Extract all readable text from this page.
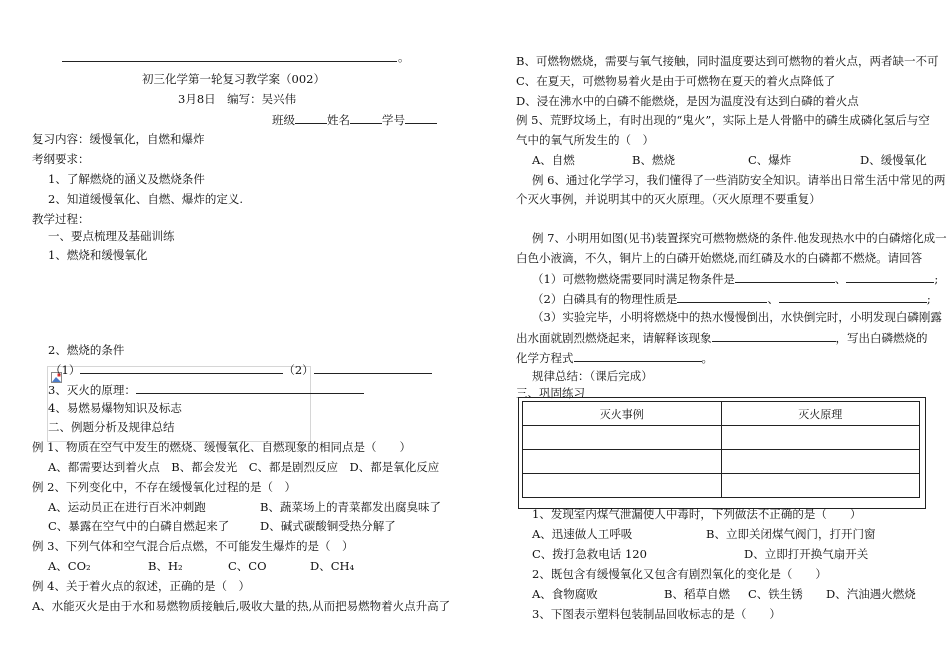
。
初三化学第一轮复习教学案（002）
3月8日　编写：吴兴伟
班级	姓名	学号
复习内容：缓慢氧化，自燃和爆炸
考纲要求：
1、了解燃烧的涵义及燃烧条件
2、知道缓慢氧化、自燃、爆炸的定义.
教学过程：
一、要点梳理及基础训练
1、燃烧和缓慢氧化
2、燃烧的条件
（1）	（2）
3、灭火的原理：
4、易燃易爆物知识及标志
二、例题分析及规律总结
例 1、物质在空气中发生的燃烧、缓慢氧化、自燃现象的相同点是（　　）
A、都需要达到着火点　B、都会发光　C、都是剧烈反应　D、都是氧化反应
例 2、下列变化中，不存在缓慢氧化过程的是（　）
A、运动员正在进行百米冲刺跑	B、蔬菜场上的青菜都发出腐臭味了
C、暴露在空气中的白磷自燃起来了	D、碱式碳酸铜受热分解了
例 3、下列气体和空气混合后点燃，不可能发生爆炸的是（　）
A、CO₂	B、H₂	C、CO	D、CH₄
例 4、关于着火点的叙述，正确的是（　）
A、水能灭火是由于水和易燃物质接触后,吸收大量的热,从而把易燃物着火点升高了
B、可燃物燃烧，需要与氧气接触，同时温度要达到可燃物的着火点，两者缺一不可
C、在夏天，可燃物易着火是由于可燃物在夏天的着火点降低了
D、浸在沸水中的白磷不能燃烧，是因为温度没有达到白磷的着火点
例 5、荒野坟场上，有时出现的“鬼火”，实际上是人骨骼中的磷生成磷化氢后与空
气中的氧气所发生的（　）
A、自燃	B、燃烧	C、爆炸	D、缓慢氧化
例 6、通过化学学习，我们懂得了一些消防安全知识。请举出日常生活中常见的两
个灭火事例，并说明其中的灭火原理。（灭火原理不要重复）
例 7、小明用如图(见书)装置探究可燃物燃烧的条件.他发现热水中的白磷熔化成一
白色小液滴，不久，铜片上的白磷开始燃烧,而红磷及水的白磷都不燃烧。请回答
（1）可燃物燃烧需要同时满足物条件是	、	;
（2）白磷具有的物理性质是	、	;
（3）实验完毕，小明将燃烧中的热水慢慢倒出，水快倒完时，小明发现白磷刚露
出水面就剧烈燃烧起来，请解释该现象	，写出白磷燃烧的
化学方程式	。
规律总结：（课后完成）
三、巩固练习
灭火事例	灭火原理

1、发现室内煤气泄漏使人中毒时，下列做法不正确的是（　　）
A、迅速做人工呼吸	B、立即关闭煤气阀门，打开门窗
C、拨打急救电话 120	D、立即打开换气扇开关
2、既包含有缓慢氧化又包含有剧烈氧化的变化是（　　）
A、食物腐败	B、稻草自燃 C、铁生锈 D、汽油遇火燃烧
3、下图表示塑料包装制品回收标志的是（　　）
